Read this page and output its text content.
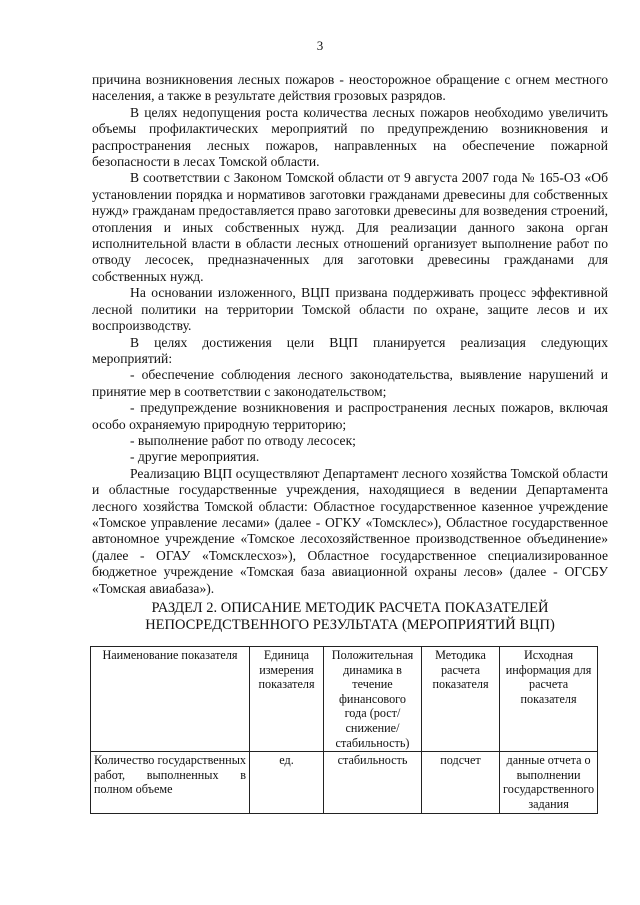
3

причина возникновения лесных пожаров - неосторожное обращение с огнем местного населения, а также в результате действия грозовых разрядов.

В целях недопущения роста количества лесных пожаров необходимо увеличить объемы профилактических мероприятий по предупреждению возникновения и распространения лесных пожаров, направленных на обеспечение пожарной безопасности в лесах Томской области.

В соответствии с Законом Томской области от 9 августа 2007 года № 165-ОЗ «Об установлении порядка и нормативов заготовки гражданами древесины для собственных нужд» гражданам предоставляется право заготовки древесины для возведения строений, отопления и иных собственных нужд. Для реализации данного закона орган исполнительной власти в области лесных отношений организует выполнение работ по отводу лесосек, предназначенных для заготовки древесины гражданами для собственных нужд.

На основании изложенного, ВЦП призвана поддерживать процесс эффективной лесной политики на территории Томской области по охране, защите лесов и их воспроизводству.

В целях достижения цели ВЦП планируется реализация следующих мероприятий:

- обеспечение соблюдения лесного законодательства, выявление нарушений и принятие мер в соответствии с законодательством;

- предупреждение возникновения и распространения лесных пожаров, включая особо охраняемую природную территорию;

- выполнение работ по отводу лесосек;

- другие мероприятия.

Реализацию ВЦП осуществляют Департамент лесного хозяйства Томской области и областные государственные учреждения, находящиеся в ведении Департамента лесного хозяйства Томской области: Областное государственное казенное учреждение «Томское управление лесами» (далее - ОГКУ «Томсклес»), Областное государственное автономное учреждение «Томское лесохозяйственное производственное объединение» (далее - ОГАУ «Томсклесхоз»), Областное государственное специализированное бюджетное учреждение «Томская база авиационной охраны лесов» (далее - ОГСБУ «Томская авиабаза»).

РАЗДЕЛ 2. ОПИСАНИЕ МЕТОДИК РАСЧЕТА ПОКАЗАТЕЛЕЙ
НЕПОСРЕДСТВЕННОГО РЕЗУЛЬТАТА (МЕРОПРИЯТИЙ ВЦП)
Наименование показателя	Единица измерения показателя	Положительная динамика в течение финансового года (рост/ снижение/стабильность)	Методика расчета показателя	Исходная информация для расчета показателя
Количество государственных работ, выполненных в полном объеме	ед.	стабильность	подсчет	данные отчета о выполнении государственного задания
